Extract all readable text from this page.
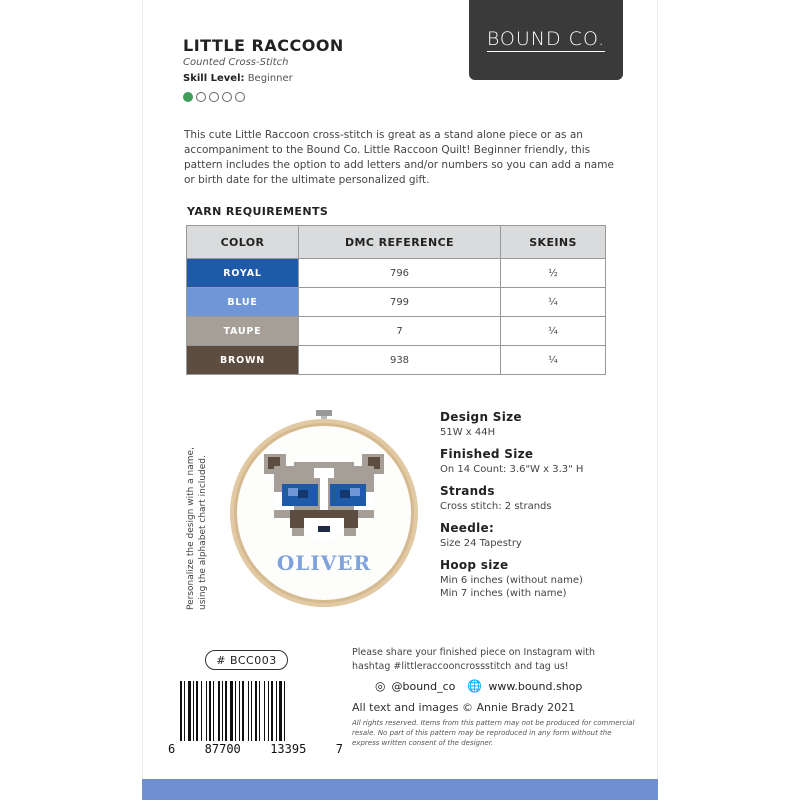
BOUND CO.
LITTLE RACCOON
Counted Cross-Stitch
Skill Level: Beginner
This cute Little Raccoon cross-stitch is great as a stand alone piece or as an accompaniment to the Bound Co. Little Raccoon Quilt! Beginner friendly, this pattern includes the option to add letters and/or numbers so you can add a name or birth date for the ultimate personalized gift.
YARN REQUIREMENTS
COLOR	DMC REFERENCE	SKEINS
ROYAL	796	½
BLUE	799	¼
TAUPE	7	¼
BROWN	938	¼
Personalize the design with a name, using the alphabet chart included.	OLIVER
Design Size

51W x 44H

Finished Size

On 14 Count: 3.6"W x 3.3" H

Strands

Cross stitch: 2 strands

Needle:

Size 24 Tapestry

Hoop size

Min 6 inches (without name)

Min 7 inches (with name)

# BCC003
6 87700 13395 7
Please share your finished piece on Instagram with hashtag #littleraccooncrossstitch and tag us!
◎ @bound_co 🌐 www.bound.shop
All text and images © Annie Brady 2021
All rights reserved. Items from this pattern may not be produced for commercial resale. No part of this pattern may be reproduced in any form without the express written consent of the designer.
